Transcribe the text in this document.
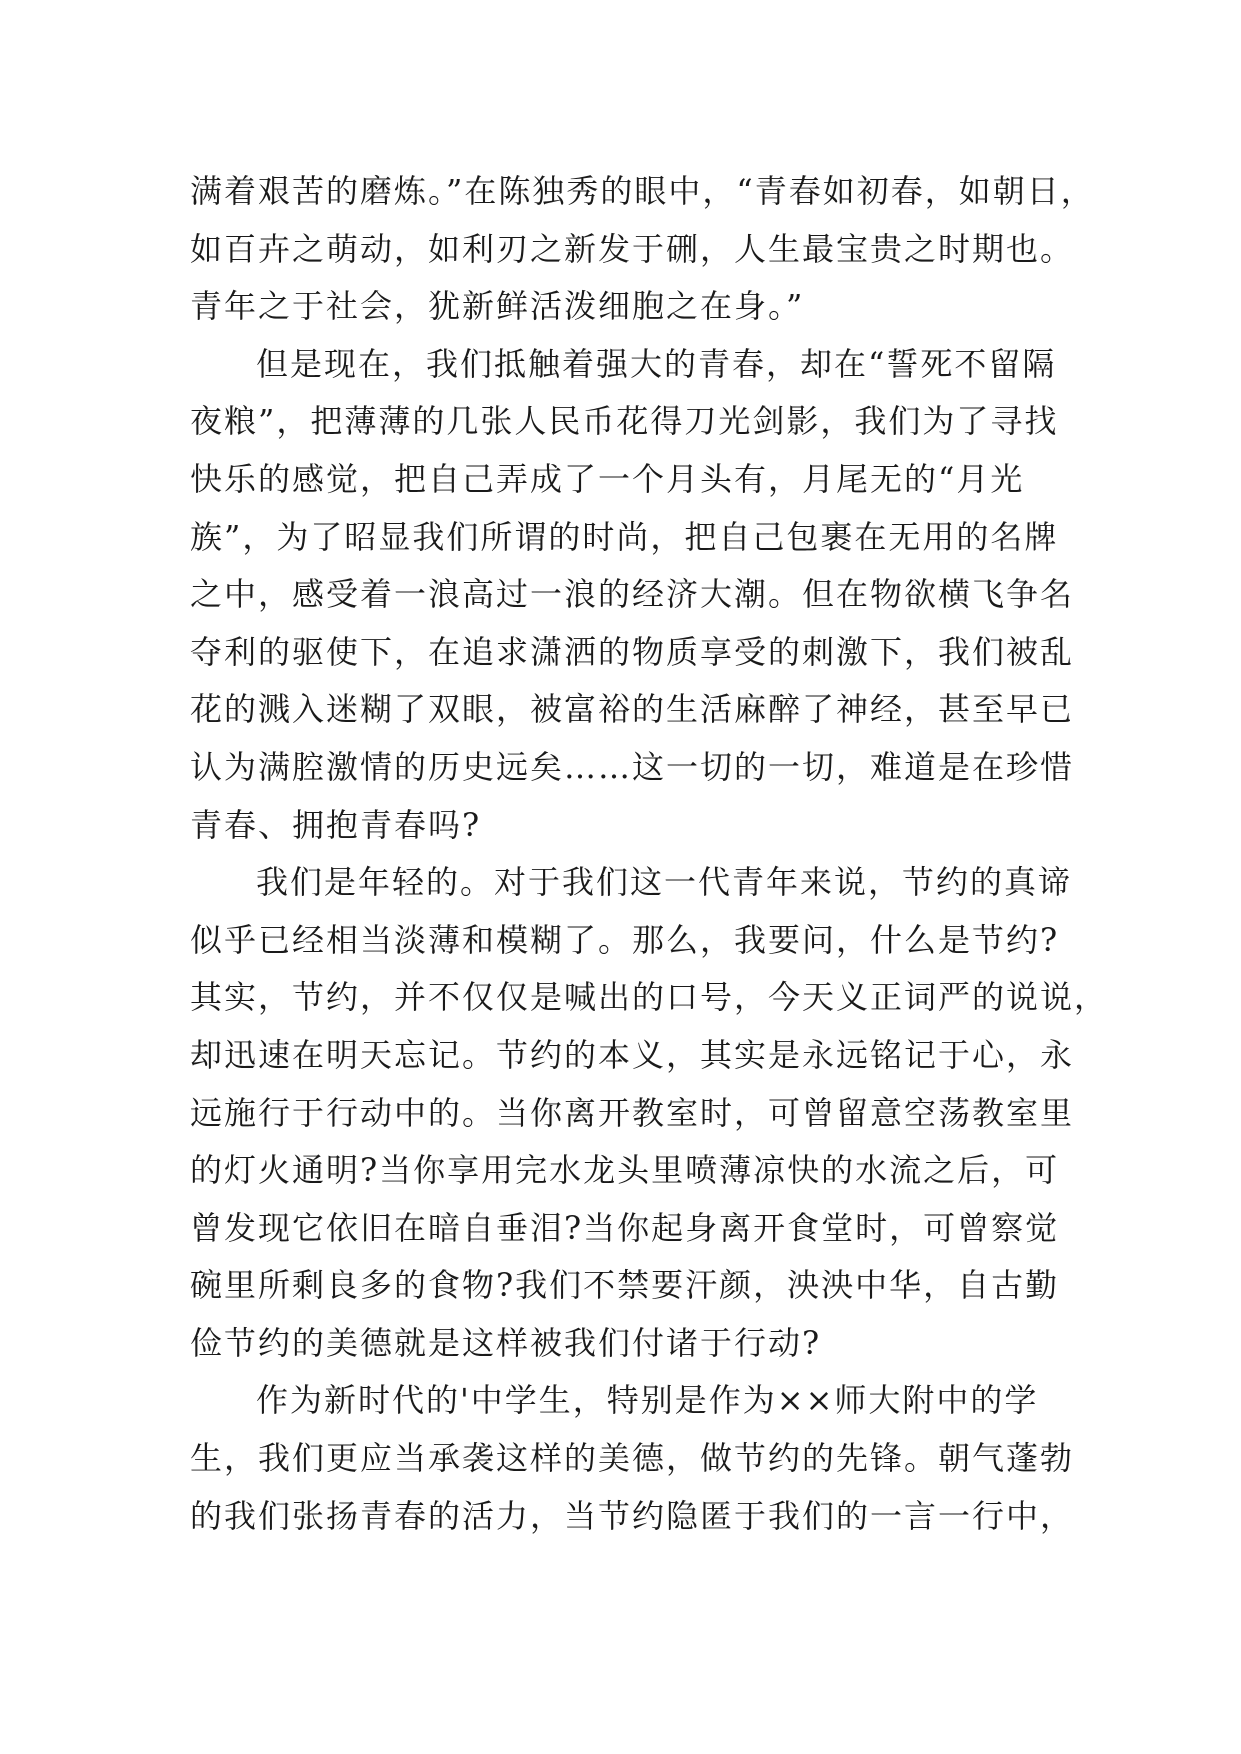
满着艰苦的磨炼。”在陈独秀的眼中，“青春如初春，如朝日，
如百卉之萌动，如利刃之新发于硎，人生最宝贵之时期也。
青年之于社会，犹新鲜活泼细胞之在身。”
但是现在，我们抵触着强大的青春，却在“誓死不留隔
夜粮”，把薄薄的几张人民币花得刀光剑影，我们为了寻找
快乐的感觉，把自己弄成了一个月头有，月尾无的“月光
族”，为了昭显我们所谓的时尚，把自己包裹在无用的名牌
之中，感受着一浪高过一浪的经济大潮。但在物欲横飞争名
夺利的驱使下，在追求潇洒的物质享受的刺激下，我们被乱
花的溅入迷糊了双眼，被富裕的生活麻醉了神经，甚至早已
认为满腔激情的历史远矣……这一切的一切，难道是在珍惜
青春、拥抱青春吗?
我们是年轻的。对于我们这一代青年来说，节约的真谛
似乎已经相当淡薄和模糊了。那么，我要问，什么是节约?
其实，节约，并不仅仅是喊出的口号，今天义正词严的说说，
却迅速在明天忘记。节约的本义，其实是永远铭记于心，永
远施行于行动中的。当你离开教室时，可曾留意空荡教室里
的灯火通明?当你享用完水龙头里喷薄凉快的水流之后，可
曾发现它依旧在暗自垂泪?当你起身离开食堂时，可曾察觉
碗里所剩良多的食物?我们不禁要汗颜，泱泱中华，自古勤
俭节约的美德就是这样被我们付诸于行动?
作为新时代的'中学生，特别是作为××师大附中的学
生，我们更应当承袭这样的美德，做节约的先锋。朝气蓬勃
的我们张扬青春的活力，当节约隐匿于我们的一言一行中，
